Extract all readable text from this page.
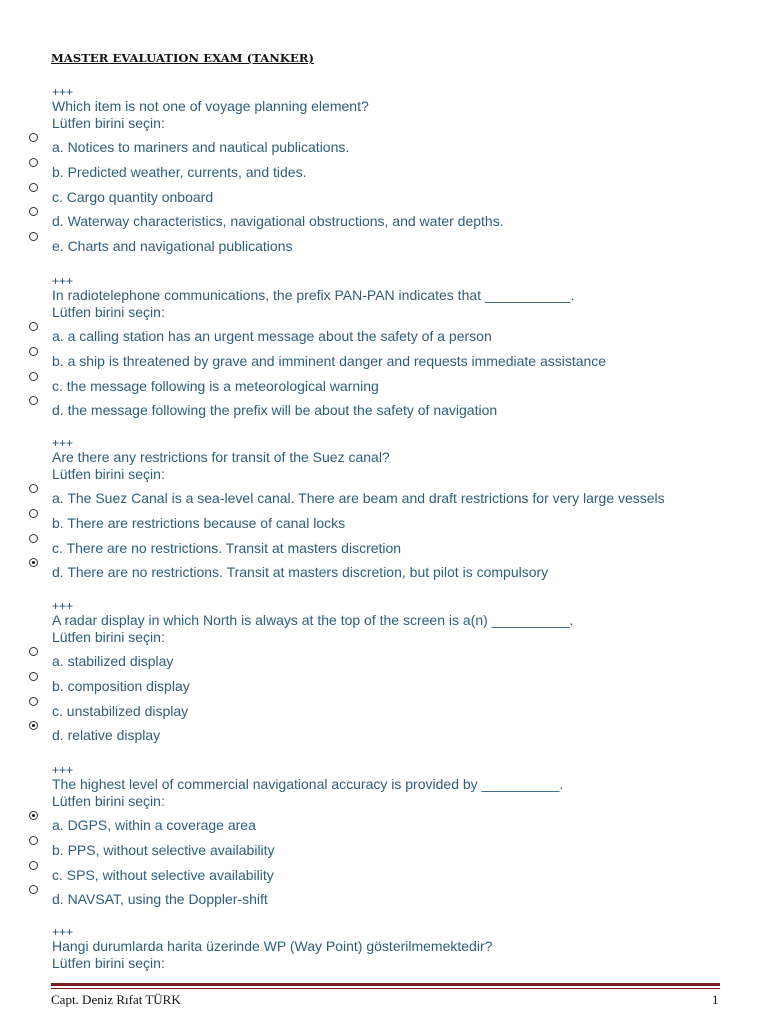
MASTER EVALUATION EXAM (TANKER)
+++
Which item is not one of voyage planning element?
Lütfen birini seçin:
a. Notices to mariners and nautical publications.
b. Predicted weather, currents, and tides.
c. Cargo quantity onboard
d. Waterway characteristics, navigational obstructions, and water depths.
e. Charts and navigational publications
+++
In radiotelephone communications, the prefix PAN-PAN indicates that ___________.
Lütfen birini seçin:
a. a calling station has an urgent message about the safety of a person
b. a ship is threatened by grave and imminent danger and requests immediate assistance
c. the message following is a meteorological warning
d. the message following the prefix will be about the safety of navigation
+++
Are there any restrictions for transit of the Suez canal?
Lütfen birini seçin:
a. The Suez Canal is a sea-level canal. There are beam and draft restrictions for very large vessels
b. There are restrictions because of canal locks
c. There are no restrictions. Transit at masters discretion
d. There are no restrictions. Transit at masters discretion, but pilot is compulsory
+++
A radar display in which North is always at the top of the screen is a(n) __________.
Lütfen birini seçin:
a. stabilized display
b. composition display
c. unstabilized display
d. relative display
+++
The highest level of commercial navigational accuracy is provided by __________.
Lütfen birini seçin:
a. DGPS, within a coverage area
b. PPS, without selective availability
c. SPS, without selective availability
d. NAVSAT, using the Doppler-shift
+++
Hangi durumlarda harita üzerinde WP (Way Point) gösterilmemektedir?
Lütfen birini seçin:
Capt. Deniz Rıfat TÜRK	1
